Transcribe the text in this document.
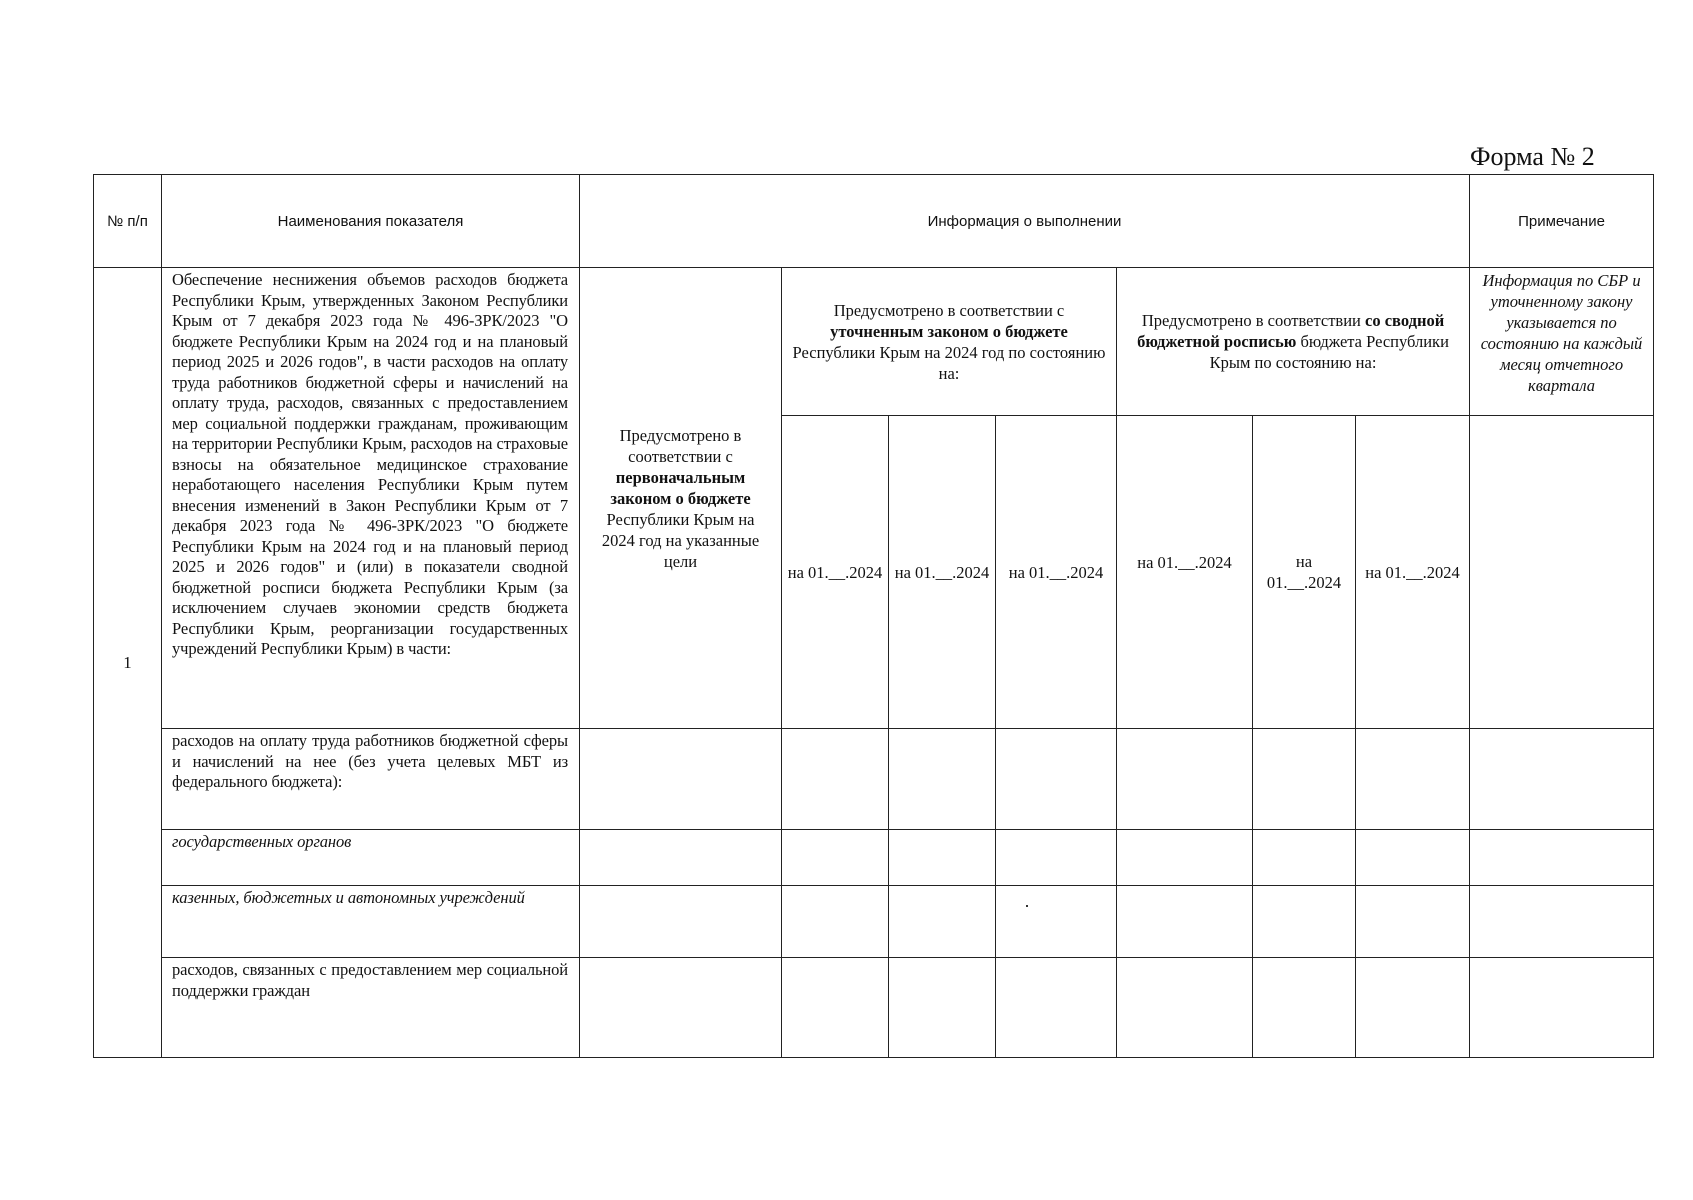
Форма № 2
№ п/п	Наименования показателя	Информация о выполнении							Примечание
1	Обеспечение неснижения объемов расходов бюджета Республики Крым, утвержденных Законом Республики Крым от 7 декабря 2023 года № 496-ЗРК/2023 "О бюджете Республики Крым на 2024 год и на плановый период 2025 и 2026 годов", в части расходов на оплату труда работников бюджетной сферы и начислений на оплату труда, расходов, связанных с предоставлением мер социальной поддержки гражданам, проживающим на территории Республики Крым, расходов на страховые взносы на обязательное медицинское страхование неработающего населения Республики Крым путем внесения изменений в Закон Республики Крым от 7 декабря 2023 года № 496-ЗРК/2023 "О бюджете Республики Крым на 2024 год и на плановый период 2025 и 2026 годов" и (или) в показатели сводной бюджетной росписи бюджета Республики Крым (за исключением случаев экономии средств бюджета Республики Крым, реорганизации государственных учреждений Республики Крым) в части:	Предусмотрено в соответствии с первоначальным законом о бюджете Республики Крым на 2024 год на указанные цели	Предусмотрено в соответствии с уточненным законом о бюджете Республики Крым на 2024 год по состоянию на:			Предусмотрено в соответствии со сводной бюджетной росписью бюджета Республики Крым по состоянию на:			Информация по СБР и уточненному закону указывается по состоянию на каждый месяц отчетного квартала
			на 01.__.2024	на 01.__.2024	на 01.__.2024	на 01.__.2024	на 01.__.2024	на 01.__.2024	
	расходов на оплату труда работников бюджетной сферы и начислений на нее (без учета целевых МБТ из федерального бюджета):								
	государственных органов								
	казенных, бюджетных и автономных учреждений								
	расходов, связанных с предоставлением мер социальной поддержки граждан								
